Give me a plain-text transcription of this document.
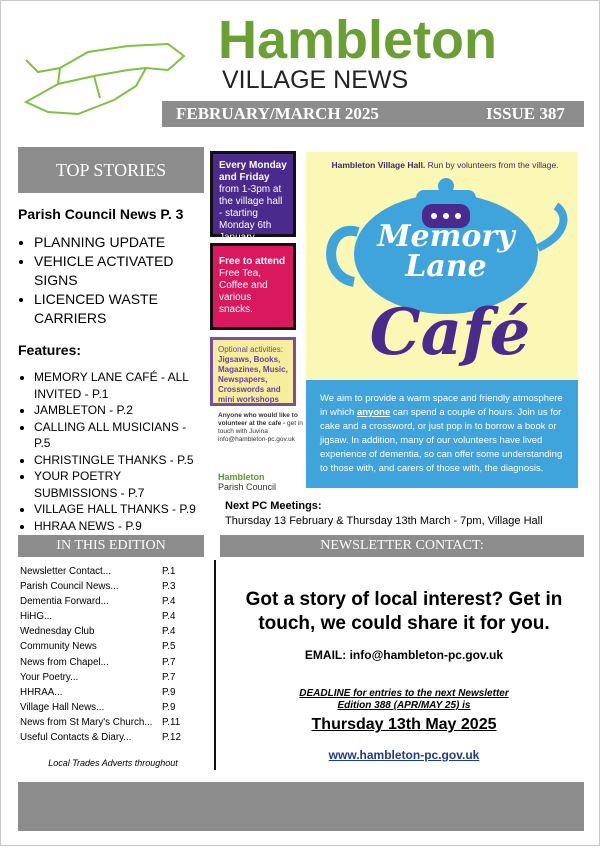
Hambleton
VILLAGE NEWS
FEBRUARY/MARCH 2025	ISSUE 387
TOP STORIES
Parish Council News P. 3
• PLANNING UPDATE
• VEHICLE ACTIVATED SIGNS
• LICENCED WASTE CARRIERS
Features:
• MEMORY LANE CAFÉ - ALL INVITED - P.1
• JAMBLETON - P.2
• CALLING ALL MUSICIANS - P.5
• CHRISTINGLE THANKS - P.5
• YOUR POETRY SUBMISSIONS - P.7
• VILLAGE HALL THANKS - P.9
• HHRAA NEWS - P.9
Every Monday and Friday
from 1-3pm at the village hall - starting Monday 6th January
Free to attend
Free Tea, Coffee and various snacks.
Optional activities:
Jigsaws, Books, Magazines, Music, Newspapers, Crosswords and mini workshops
Anyone who would like to volunteer at the cafe - get in touch with Juvina info@hambleton-pc.gov.uk
Hambleton
Parish Council
Hambleton Village Hall. Run by volunteers from the village.
Memory
Lane
Café
We aim to provide a warm space and friendly atmosphere in which anyone can spend a couple of hours. Join us for cake and a crossword, or just pop in to borrow a book or jigsaw. In addition, many of our volunteers have lived experience of dementia, so can offer some understanding to those with, and carers of those with, the diagnosis.
Next PC Meetings:
Thursday 13 February & Thursday 13th March - 7pm, Village Hall
IN THIS EDITION
Newsletter Contact...	P.1
Parish Council News...	P.3
Dementia Forward...	P.4
HiHG...	P.4
Wednesday Club	P.4
Community News	P.5
News from Chapel...	P.7
Your Poetry...	P.7
HHRAA...	P.9
Village Hall News...	P.9
News from St Mary's Church... P.11
Useful Contacts & Diary...	P.12
Local Trades Adverts throughout
NEWSLETTER CONTACT:
Got a story of local interest? Get in touch, we could share it for you.
EMAIL: info@hambleton-pc.gov.uk
DEADLINE for entries to the next Newsletter
Edition 388 (APR/MAY 25) is
Thursday 13th May 2025
www.hambleton-pc.gov.uk
